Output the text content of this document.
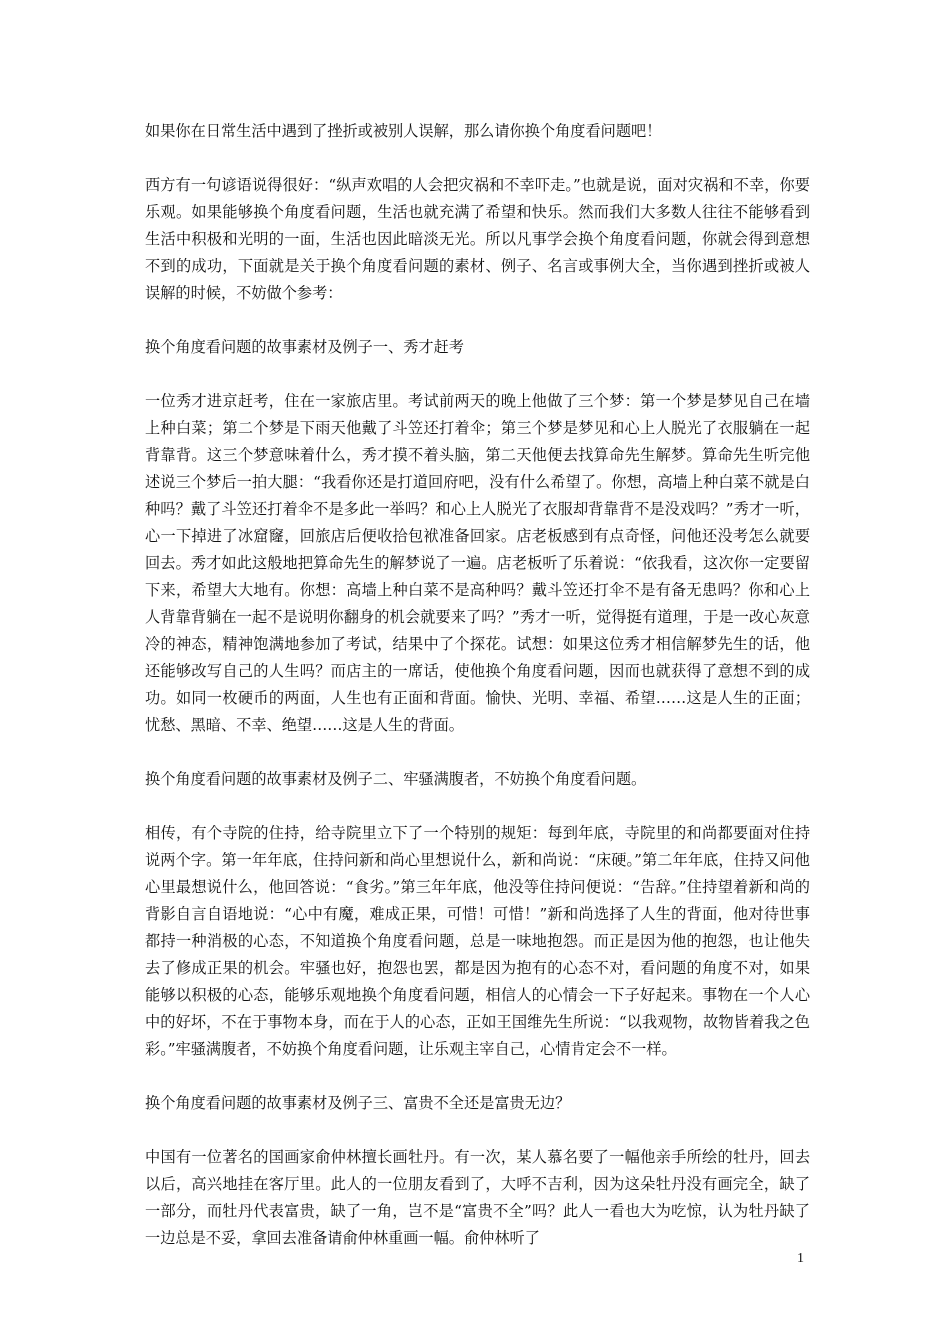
如果你在日常生活中遇到了挫折或被别人误解，那么请你换个角度看问题吧！

西方有一句谚语说得很好：“纵声欢唱的人会把灾祸和不幸吓走。”也就是说，面对灾祸和不幸，你要乐观。如果能够换个角度看问题，生活也就充满了希望和快乐。然而我们大多数人往往不能够看到生活中积极和光明的一面，生活也因此暗淡无光。所以凡事学会换个角度看问题，你就会得到意想不到的成功，下面就是关于换个角度看问题的素材、例子、名言或事例大全，当你遇到挫折或被人误解的时候，不妨做个参考：

换个角度看问题的故事素材及例子一、秀才赶考

一位秀才进京赶考，住在一家旅店里。考试前两天的晚上他做了三个梦：第一个梦是梦见自己在墙上种白菜；第二个梦是下雨天他戴了斗笠还打着伞；第三个梦是梦见和心上人脱光了衣服躺在一起背靠背。这三个梦意味着什么，秀才摸不着头脑，第二天他便去找算命先生解梦。算命先生听完他述说三个梦后一拍大腿：“我看你还是打道回府吧，没有什么希望了。你想，高墙上种白菜不就是白种吗？戴了斗笠还打着伞不是多此一举吗？和心上人脱光了衣服却背靠背不是没戏吗？”秀才一听，心一下掉进了冰窟窿，回旅店后便收拾包袱准备回家。店老板感到有点奇怪，问他还没考怎么就要回去。秀才如此这般地把算命先生的解梦说了一遍。店老板听了乐着说：“依我看，这次你一定要留下来，希望大大地有。你想：高墙上种白菜不是高种吗？戴斗笠还打伞不是有备无患吗？你和心上人背靠背躺在一起不是说明你翻身的机会就要来了吗？”秀才一听，觉得挺有道理，于是一改心灰意冷的神态，精神饱满地参加了考试，结果中了个探花。试想：如果这位秀才相信解梦先生的话，他还能够改写自己的人生吗？而店主的一席话，使他换个角度看问题，因而也就获得了意想不到的成功。如同一枚硬币的两面，人生也有正面和背面。愉快、光明、幸福、希望……这是人生的正面；忧愁、黑暗、不幸、绝望……这是人生的背面。

换个角度看问题的故事素材及例子二、牢骚满腹者，不妨换个角度看问题。

相传，有个寺院的住持，给寺院里立下了一个特别的规矩：每到年底，寺院里的和尚都要面对住持说两个字。第一年年底，住持问新和尚心里想说什么，新和尚说：“床硬。”第二年年底，住持又问他心里最想说什么，他回答说：“食劣。”第三年年底，他没等住持问便说：“告辞。”住持望着新和尚的背影自言自语地说：“心中有魔，难成正果，可惜！可惜！”新和尚选择了人生的背面，他对待世事都持一种消极的心态，不知道换个角度看问题，总是一味地抱怨。而正是因为他的抱怨，也让他失去了修成正果的机会。牢骚也好，抱怨也罢，都是因为抱有的心态不对，看问题的角度不对，如果能够以积极的心态，能够乐观地换个角度看问题，相信人的心情会一下子好起来。事物在一个人心中的好坏，不在于事物本身，而在于人的心态，正如王国维先生所说：“以我观物，故物皆着我之色彩。”牢骚满腹者，不妨换个角度看问题，让乐观主宰自己，心情肯定会不一样。

换个角度看问题的故事素材及例子三、富贵不全还是富贵无边？

中国有一位著名的国画家俞仲林擅长画牡丹。有一次，某人慕名要了一幅他亲手所绘的牡丹，回去以后，高兴地挂在客厅里。此人的一位朋友看到了，大呼不吉利，因为这朵牡丹没有画完全，缺了一部分，而牡丹代表富贵，缺了一角，岂不是“富贵不全”吗？此人一看也大为吃惊，认为牡丹缺了一边总是不妥，拿回去准备请俞仲林重画一幅。俞仲林听了

1
